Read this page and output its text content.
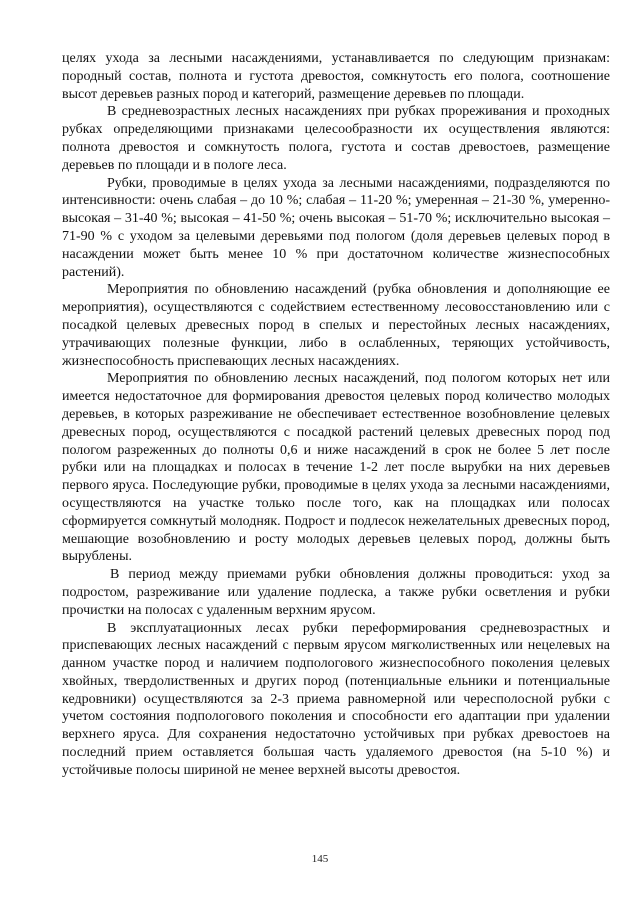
целях ухода за лесными насаждениями, устанавливается по следующим признакам: породный состав, полнота и густота древостоя, сомкнутость его полога, соотношение высот деревьев разных пород и категорий, размещение деревьев по площади.

В средневозрастных лесных насаждениях при рубках прореживания и проходных рубках определяющими признаками целесообразности их осуществления являются: полнота древостоя и сомкнутость полога, густота и состав древостоев, размещение деревьев по площади и в пологе леса.

Рубки, проводимые в целях ухода за лесными насаждениями, подразделяются по интенсивности: очень слабая – до 10 %; слабая – 11-20 %; умеренная – 21-30 %, умеренно-высокая – 31-40 %; высокая – 41-50 %; очень высокая – 51-70 %; исключительно высокая – 71-90 % с уходом за целевыми деревьями под пологом (доля деревьев целевых пород в насаждении может быть менее 10 % при достаточном количестве жизнеспособных растений).

Мероприятия по обновлению насаждений (рубка обновления и дополняющие ее мероприятия), осуществляются с содействием естественному лесовосстановлению или с посадкой целевых древесных пород в спелых и перестойных лесных насаждениях, утрачивающих полезные функции, либо в ослабленных, теряющих устойчивость, жизнеспособность приспевающих лесных насаждениях.

Мероприятия по обновлению лесных насаждений, под пологом которых нет или имеется недостаточное для формирования древостоя целевых пород количество молодых деревьев, в которых разреживание не обеспечивает естественное возобновление целевых древесных пород, осуществляются с посадкой растений целевых древесных пород под пологом разреженных до полноты 0,6 и ниже насаждений в срок не более 5 лет после рубки или на площадках и полосах в течение 1-2 лет после вырубки на них деревьев первого яруса. Последующие рубки, проводимые в целях ухода за лесными насаждениями, осуществляются на участке только после того, как на площадках или полосах сформируется сомкнутый молодняк. Подрост и подлесок нежелательных древесных пород, мешающие возобновлению и росту молодых деревьев целевых пород, должны быть вырублены.

В период между приемами рубки обновления должны проводиться: уход за подростом, разреживание или удаление подлеска, а также рубки осветления и рубки прочистки на полосах с удаленным верхним ярусом.

В эксплуатационных лесах рубки переформирования средневозрастных и приспевающих лесных насаждений с первым ярусом мягколиственных или нецелевых на данном участке пород и наличием подпологового жизнеспособного поколения целевых хвойных, твердолиственных и других пород (потенциальные ельники и потенциальные кедровники) осуществляются за 2-3 приема равномерной или чересполосной рубки с учетом состояния подпологового поколения и способности его адаптации при удалении верхнего яруса. Для сохранения недостаточно устойчивых при рубках древостоев на последний прием оставляется большая часть удаляемого древостоя (на 5-10 %) и устойчивые полосы шириной не менее верхней высоты древостоя.

145
